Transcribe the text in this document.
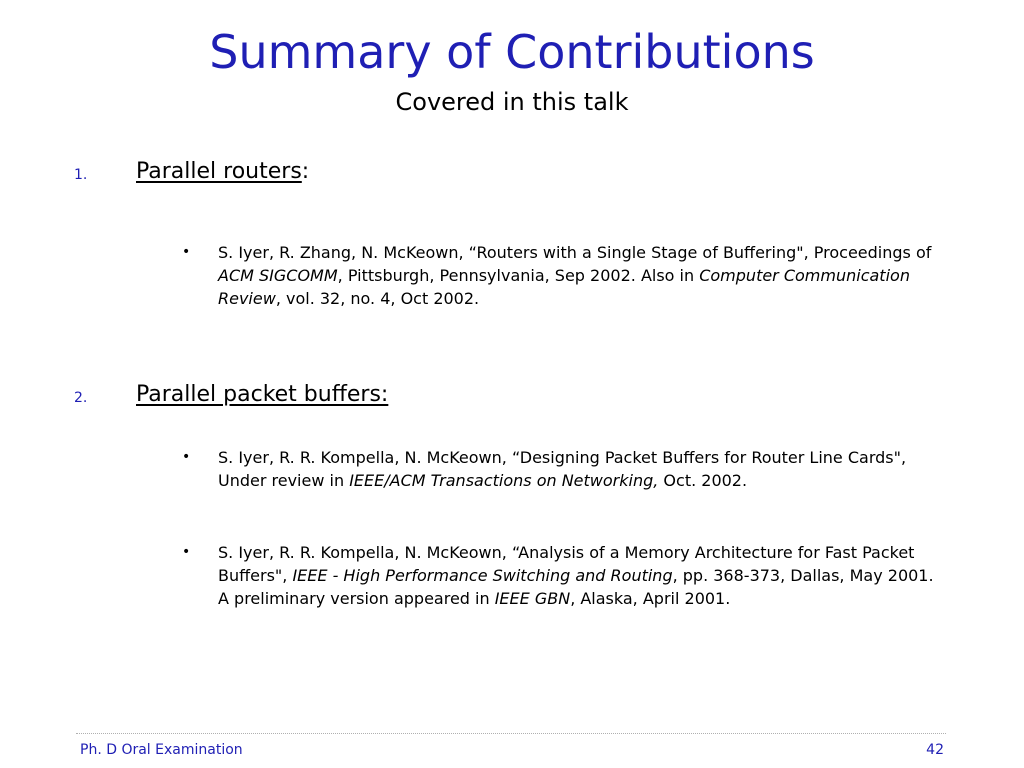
Summary of Contributions
Covered in this talk
1. Parallel routers:
• S. Iyer, R. Zhang, N. McKeown, “Routers with a Single Stage of Buffering", Proceedings of ACM SIGCOMM, Pittsburgh, Pennsylvania, Sep 2002. Also in Computer Communication Review, vol. 32, no. 4, Oct 2002.
2. Parallel packet buffers:
• S. Iyer, R. R. Kompella, N. McKeown, “Designing Packet Buffers for Router Line Cards", Under review in IEEE/ACM Transactions on Networking, Oct. 2002.
• S. Iyer, R. R. Kompella, N. McKeown, “Analysis of a Memory Architecture for Fast Packet Buffers", IEEE - High Performance Switching and Routing, pp. 368-373, Dallas, May 2001. A preliminary version appeared in IEEE GBN, Alaska, April 2001.
Ph. D Oral Examination	42
